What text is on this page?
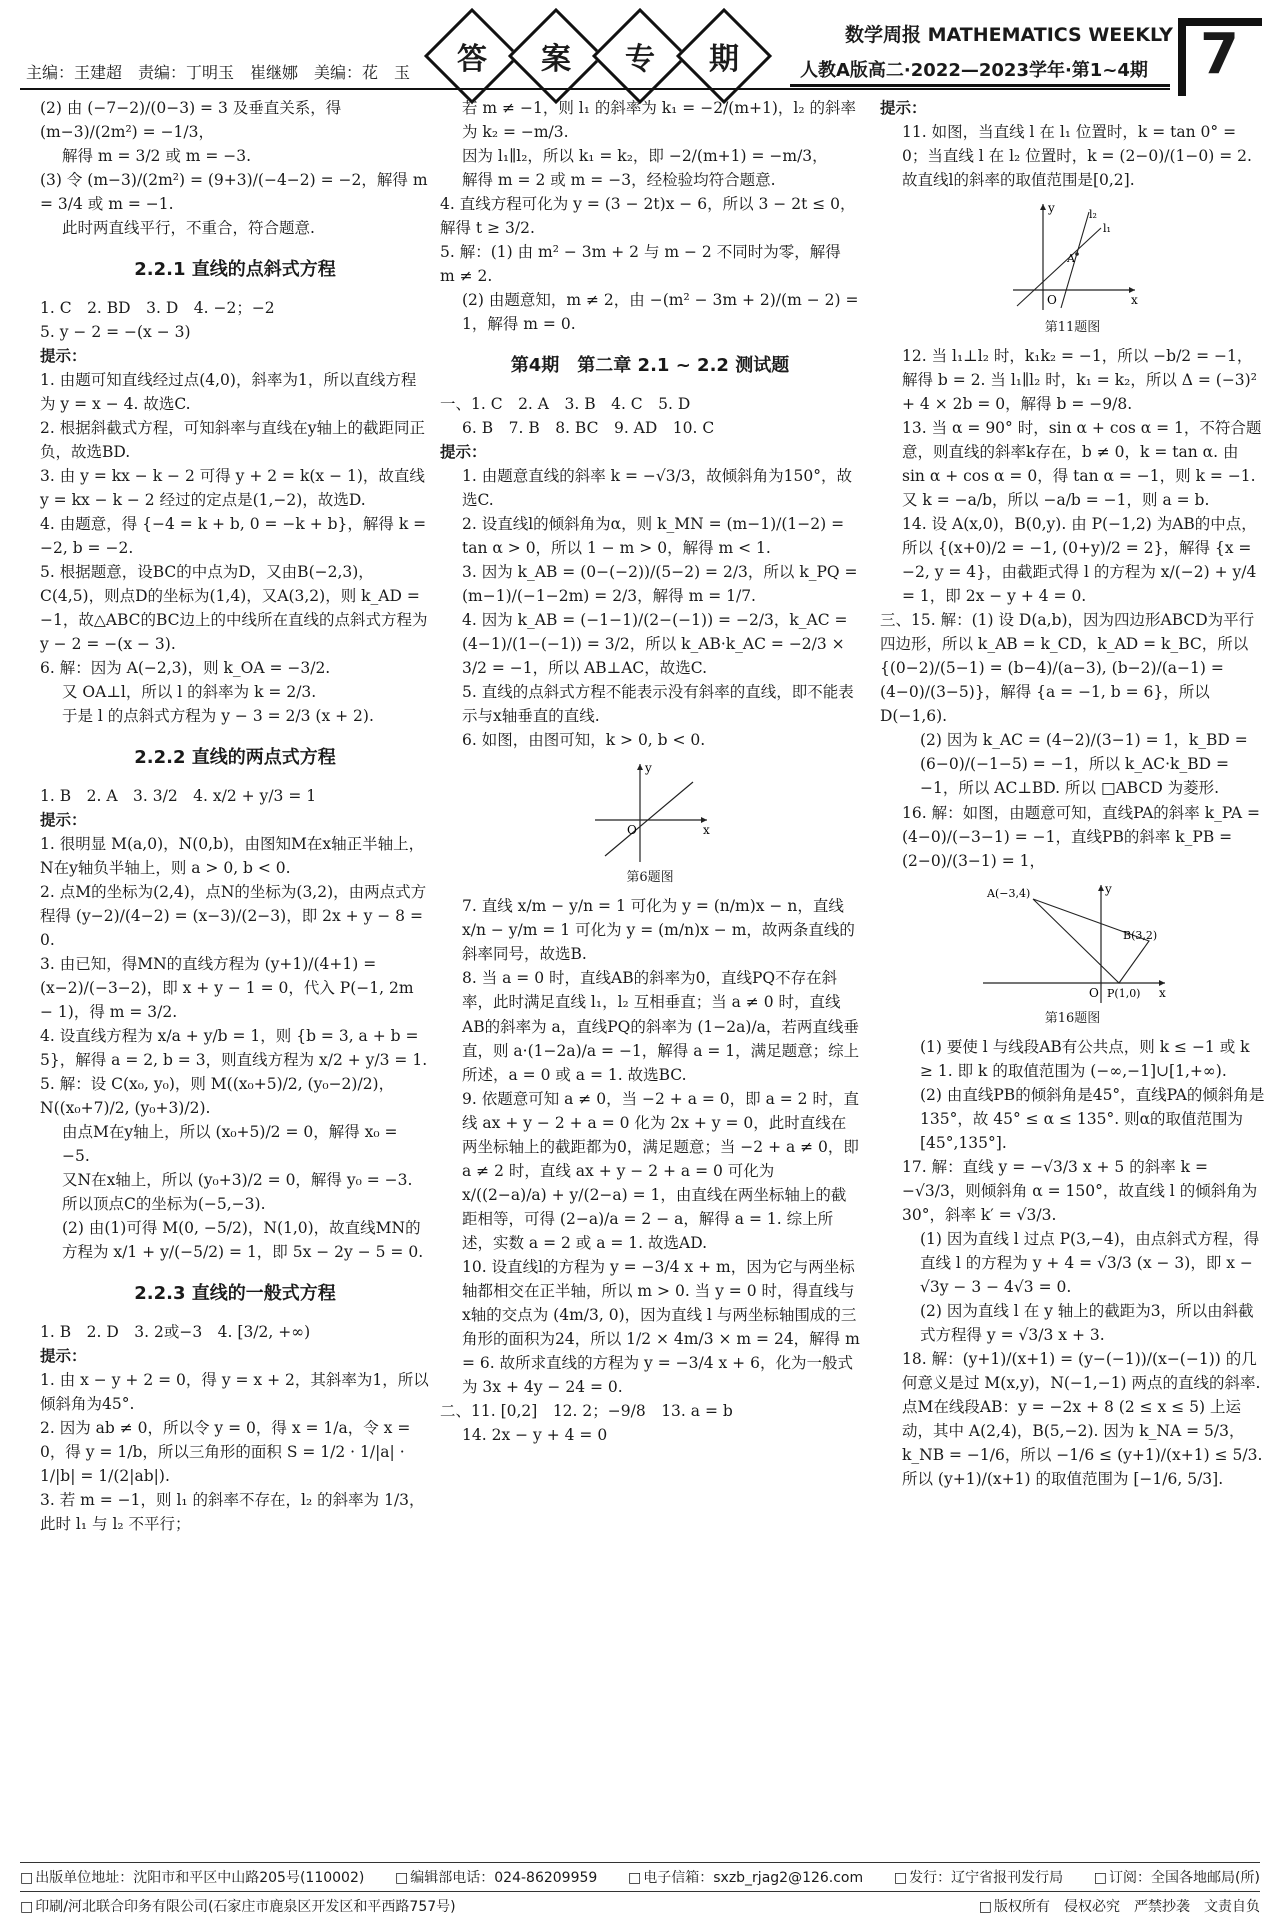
主编：王建超　责编：丁明玉　崔继娜　美编：花　玉 答 案 专 期
数学周报 MATHEMATICS WEEKLY
人教A版高二·2022—2023学年·第1~4期 7

(2) 由 (−7−2)/(0−3) = 3 及垂直关系，得 (m−3)/(2m²) = −1/3，

解得 m = 3/2 或 m = −3.

(3) 令 (m−3)/(2m²) = (9+3)/(−4−2) = −2，解得 m = 3/4 或 m = −1.

此时两直线平行，不重合，符合题意.

2.2.1 直线的点斜式方程

1. C　2. BD　3. D　4. −2；−2

5. y − 2 = −(x − 3)

提示：

1. 由题可知直线经过点(4,0)，斜率为1，所以直线方程为 y = x − 4. 故选C.

2. 根据斜截式方程，可知斜率与直线在y轴上的截距同正负，故选BD.

3. 由 y = kx − k − 2 可得 y + 2 = k(x − 1)，故直线 y = kx − k − 2 经过的定点是(1,−2)，故选D.

4. 由题意，得 {−4 = k + b, 0 = −k + b}，解得 k = −2, b = −2.

5. 根据题意，设BC的中点为D，又由B(−2,3)，C(4,5)，则点D的坐标为(1,4)，又A(3,2)，则 k_AD = −1，故△ABC的BC边上的中线所在直线的点斜式方程为 y − 2 = −(x − 3).

6. 解：因为 A(−2,3)，则 k_OA = −3/2.

又 OA⊥l，所以 l 的斜率为 k = 2/3.

于是 l 的点斜式方程为 y − 3 = 2/3 (x + 2).

2.2.2 直线的两点式方程

1. B　2. A　3. 3/2　4. x/2 + y/3 = 1

提示：

1. 很明显 M(a,0)，N(0,b)，由图知M在x轴正半轴上，N在y轴负半轴上，则 a > 0, b < 0.

2. 点M的坐标为(2,4)，点N的坐标为(3,2)，由两点式方程得 (y−2)/(4−2) = (x−3)/(2−3)，即 2x + y − 8 = 0.

3. 由已知，得MN的直线方程为 (y+1)/(4+1) = (x−2)/(−3−2)，即 x + y − 1 = 0，代入 P(−1, 2m − 1)，得 m = 3/2.

4. 设直线方程为 x/a + y/b = 1，则 {b = 3, a + b = 5}，解得 a = 2, b = 3，则直线方程为 x/2 + y/3 = 1.

5. 解：设 C(x₀, y₀)，则 M((x₀+5)/2, (y₀−2)/2)，N((x₀+7)/2, (y₀+3)/2).

由点M在y轴上，所以 (x₀+5)/2 = 0，解得 x₀ = −5.

又N在x轴上，所以 (y₀+3)/2 = 0，解得 y₀ = −3.

所以顶点C的坐标为(−5,−3).

(2) 由(1)可得 M(0, −5/2)，N(1,0)，故直线MN的方程为 x/1 + y/(−5/2) = 1，即 5x − 2y − 5 = 0.

2.2.3 直线的一般式方程

1. B　2. D　3. 2或−3　4. [3/2, +∞)

提示：

1. 由 x − y + 2 = 0，得 y = x + 2，其斜率为1，所以倾斜角为45°.

2. 因为 ab ≠ 0，所以令 y = 0，得 x = 1/a，令 x = 0，得 y = 1/b，所以三角形的面积 S = 1/2 · 1/|a| · 1/|b| = 1/(2|ab|).

3. 若 m = −1，则 l₁ 的斜率不存在，l₂ 的斜率为 1/3，此时 l₁ 与 l₂ 不平行；

若 m ≠ −1，则 l₁ 的斜率为 k₁ = −2/(m+1)，l₂ 的斜率为 k₂ = −m/3.

因为 l₁∥l₂，所以 k₁ = k₂，即 −2/(m+1) = −m/3，

解得 m = 2 或 m = −3，经检验均符合题意.

4. 直线方程可化为 y = (3 − 2t)x − 6，所以 3 − 2t ≤ 0，解得 t ≥ 3/2.

5. 解：(1) 由 m² − 3m + 2 与 m − 2 不同时为零，解得 m ≠ 2.

(2) 由题意知，m ≠ 2，由 −(m² − 3m + 2)/(m − 2) = 1，解得 m = 0.

第4期　第二章 2.1 ~ 2.2 测试题

一、1. C　2. A　3. B　4. C　5. D

6. B　7. B　8. BC　9. AD　10. C

提示：

1. 由题意直线的斜率 k = −√3/3，故倾斜角为150°，故选C.

2. 设直线l的倾斜角为α，则 k_MN = (m−1)/(1−2) = tan α > 0，所以 1 − m > 0，解得 m < 1.

3. 因为 k_AB = (0−(−2))/(5−2) = 2/3，所以 k_PQ = (m−1)/(−1−2m) = 2/3，解得 m = 1/7.

4. 因为 k_AB = (−1−1)/(2−(−1)) = −2/3，k_AC = (4−1)/(1−(−1)) = 3/2，所以 k_AB·k_AC = −2/3 × 3/2 = −1，所以 AB⊥AC，故选C.

5. 直线的点斜式方程不能表示没有斜率的直线，即不能表示与x轴垂直的直线.

6. 如图，由图可知，k > 0, b < 0.

x
y
O
第6题图

7. 直线 x/m − y/n = 1 可化为 y = (n/m)x − n，直线 x/n − y/m = 1 可化为 y = (m/n)x − m，故两条直线的斜率同号，故选B.

8. 当 a = 0 时，直线AB的斜率为0，直线PQ不存在斜率，此时满足直线 l₁，l₂ 互相垂直；当 a ≠ 0 时，直线AB的斜率为 a，直线PQ的斜率为 (1−2a)/a，若两直线垂直，则 a·(1−2a)/a = −1，解得 a = 1，满足题意；综上所述，a = 0 或 a = 1. 故选BC.

9. 依题意可知 a ≠ 0，当 −2 + a = 0，即 a = 2 时，直线 ax + y − 2 + a = 0 化为 2x + y = 0，此时直线在两坐标轴上的截距都为0，满足题意；当 −2 + a ≠ 0，即 a ≠ 2 时，直线 ax + y − 2 + a = 0 可化为 x/((2−a)/a) + y/(2−a) = 1，由直线在两坐标轴上的截距相等，可得 (2−a)/a = 2 − a，解得 a = 1. 综上所述，实数 a = 2 或 a = 1. 故选AD.

10. 设直线l的方程为 y = −3/4 x + m，因为它与两坐标轴都相交在正半轴，所以 m > 0. 当 y = 0 时，得直线与x轴的交点为 (4m/3, 0)，因为直线 l 与两坐标轴围成的三角形的面积为24，所以 1/2 × 4m/3 × m = 24，解得 m = 6. 故所求直线的方程为 y = −3/4 x + 6，化为一般式为 3x + 4y − 24 = 0.

二、11. [0,2]　12. 2；−9/8　13. a = b

14. 2x − y + 4 = 0

提示：

11. 如图，当直线 l 在 l₁ 位置时，k = tan 0° = 0；当直线 l 在 l₂ 位置时，k = (2−0)/(1−0) = 2. 故直线l的斜率的取值范围是[0,2].

x
y
O
A
l₁
l₂
第11题图

12. 当 l₁⊥l₂ 时，k₁k₂ = −1，所以 −b/2 = −1，解得 b = 2. 当 l₁∥l₂ 时，k₁ = k₂，所以 Δ = (−3)² + 4 × 2b = 0，解得 b = −9/8.

13. 当 α = 90° 时，sin α + cos α = 1，不符合题意，则直线的斜率k存在，b ≠ 0，k = tan α. 由 sin α + cos α = 0，得 tan α = −1，则 k = −1. 又 k = −a/b，所以 −a/b = −1，则 a = b.

14. 设 A(x,0)，B(0,y). 由 P(−1,2) 为AB的中点，所以 {(x+0)/2 = −1, (0+y)/2 = 2}，解得 {x = −2, y = 4}，由截距式得 l 的方程为 x/(−2) + y/4 = 1，即 2x − y + 4 = 0.

三、15. 解：(1) 设 D(a,b)，因为四边形ABCD为平行四边形，所以 k_AB = k_CD，k_AD = k_BC，所以 {(0−2)/(5−1) = (b−4)/(a−3), (b−2)/(a−1) = (4−0)/(3−5)}，解得 {a = −1, b = 6}，所以 D(−1,6).

(2) 因为 k_AC = (4−2)/(3−1) = 1，k_BD = (6−0)/(−1−5) = −1，所以 k_AC·k_BD = −1，所以 AC⊥BD. 所以 □ABCD 为菱形.

16. 解：如图，由题意可知，直线PA的斜率 k_PA = (4−0)/(−3−1) = −1，直线PB的斜率 k_PB = (2−0)/(3−1) = 1，

x
y
O
A(−3,4)
B(3,2)
P(1,0)
第16题图

(1) 要使 l 与线段AB有公共点，则 k ≤ −1 或 k ≥ 1. 即 k 的取值范围为 (−∞,−1]∪[1,+∞).

(2) 由直线PB的倾斜角是45°，直线PA的倾斜角是135°，故 45° ≤ α ≤ 135°. 则α的取值范围为[45°,135°].

17. 解：直线 y = −√3/3 x + 5 的斜率 k = −√3/3，则倾斜角 α = 150°，故直线 l 的倾斜角为30°，斜率 k′ = √3/3.

(1) 因为直线 l 过点 P(3,−4)，由点斜式方程，得直线 l 的方程为 y + 4 = √3/3 (x − 3)，即 x − √3y − 3 − 4√3 = 0.

(2) 因为直线 l 在 y 轴上的截距为3，所以由斜截式方程得 y = √3/3 x + 3.

18. 解：(y+1)/(x+1) = (y−(−1))/(x−(−1)) 的几何意义是过 M(x,y)，N(−1,−1) 两点的直线的斜率. 点M在线段AB：y = −2x + 8 (2 ≤ x ≤ 5) 上运动，其中 A(2,4)，B(5,−2). 因为 k_NA = 5/3，k_NB = −1/6，所以 −1/6 ≤ (y+1)/(x+1) ≤ 5/3. 所以 (y+1)/(x+1) 的取值范围为 [−1/6, 5/3].

□ 出版单位地址：沈阳市和平区中山路205号(110002)	□ 编辑部电话：024-86209959	□ 电子信箱：sxzb_rjag2@126.com	□ 发行：辽宁省报刊发行局	□ 订阅：全国各地邮局(所)
□ 印刷/河北联合印务有限公司(石家庄市鹿泉区开发区和平西路757号)	□ 版权所有　侵权必究　严禁抄袭　文责自负
